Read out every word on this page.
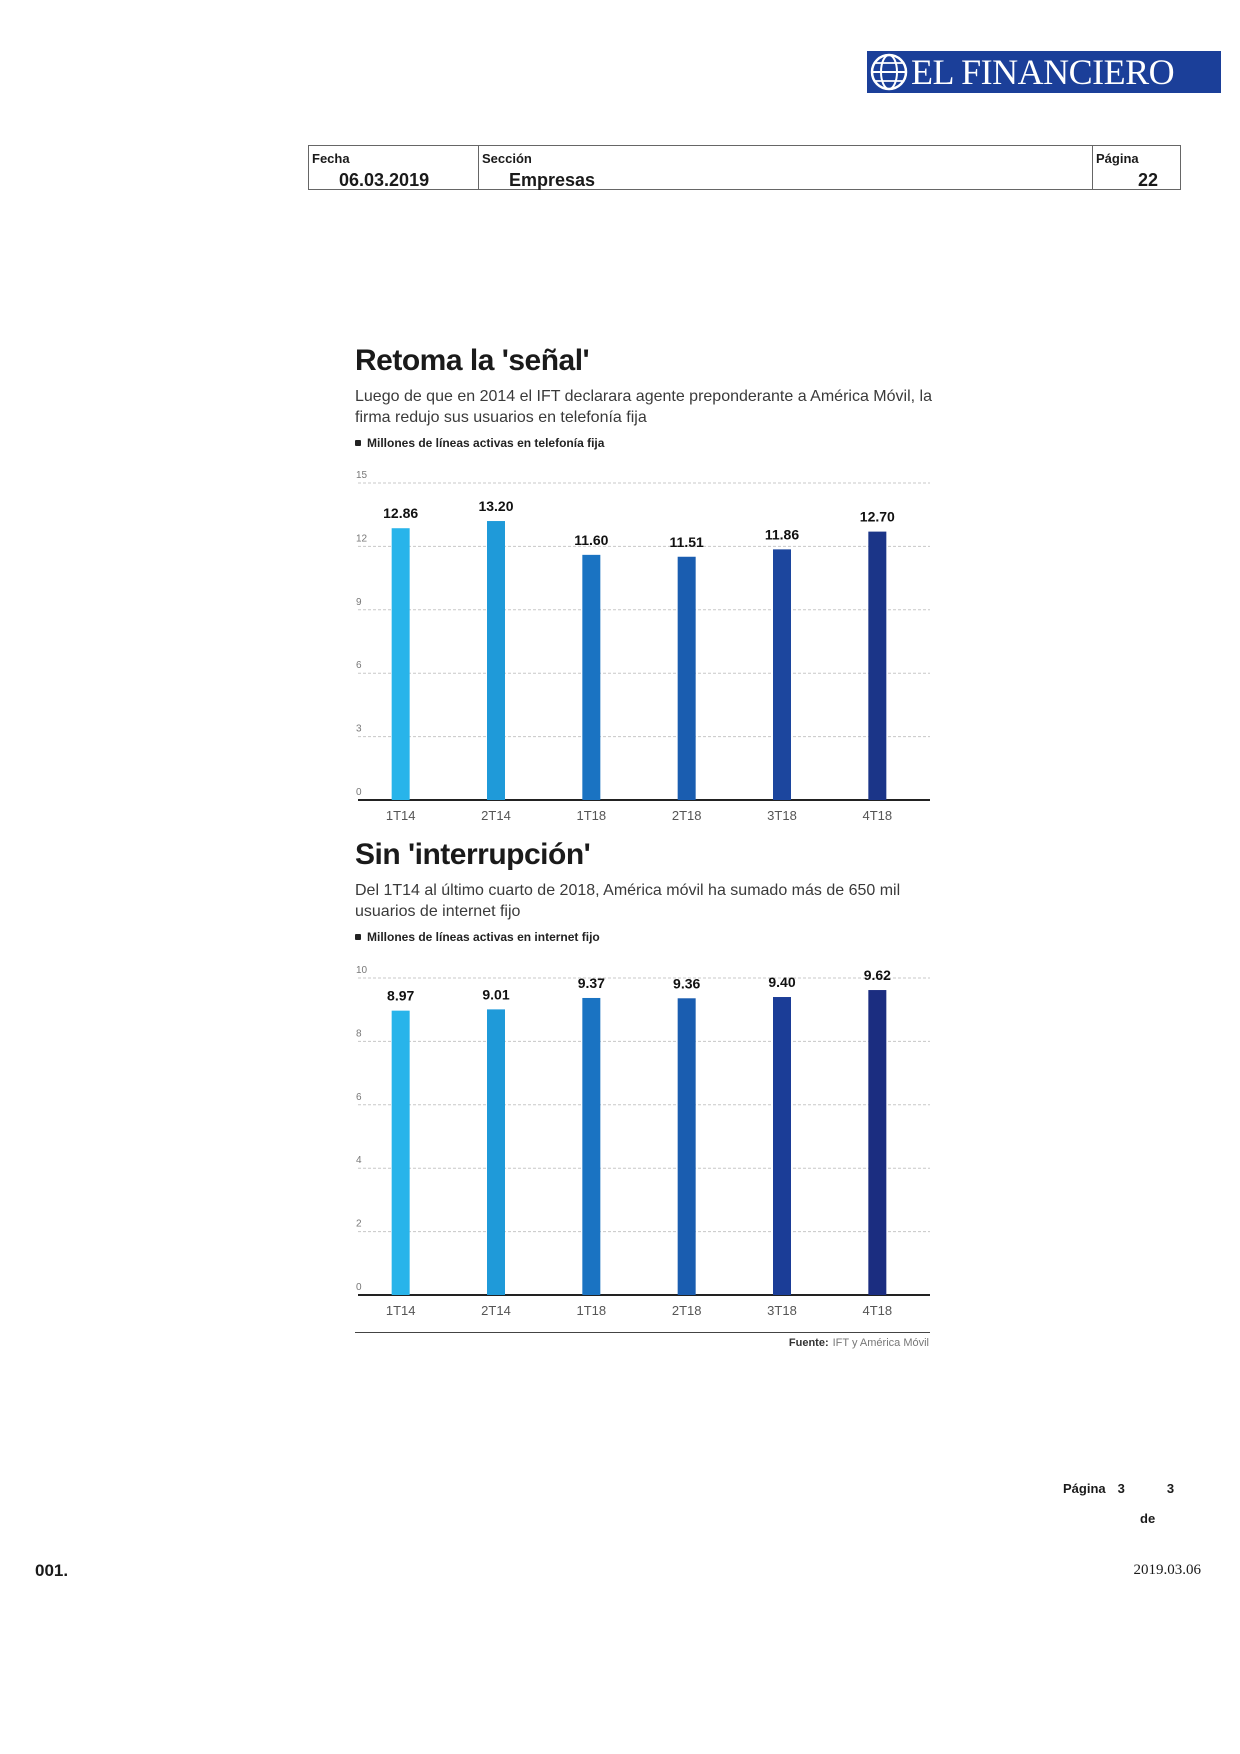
EL FINANCIERO
Fecha
06.03.2019
Sección
Empresas
Página
22
Retoma la 'señal'

Luego de que en 2014 el IFT declarara agente preponderante a América Móvil, la firma redujo sus usuarios en telefonía fija

Millones de líneas activas en telefonía fija
0
3
6
9
12
15
12.86
1T14
13.20
2T14
11.60
1T18
11.51
2T18
11.86
3T18
12.70
4T18
Sin 'interrupción'

Del 1T14 al último cuarto de 2018, América móvil ha sumado más de 650 mil usuarios de internet fijo

Millones de líneas activas en internet fijo
0
2
4
6
8
10
8.97
1T14
9.01
2T14
9.37
1T18
9.36
2T18
9.40
3T18
9.62
4T18
Fuente: IFT y América Móvil
Página 3	3
de
001.	2019.03.06
